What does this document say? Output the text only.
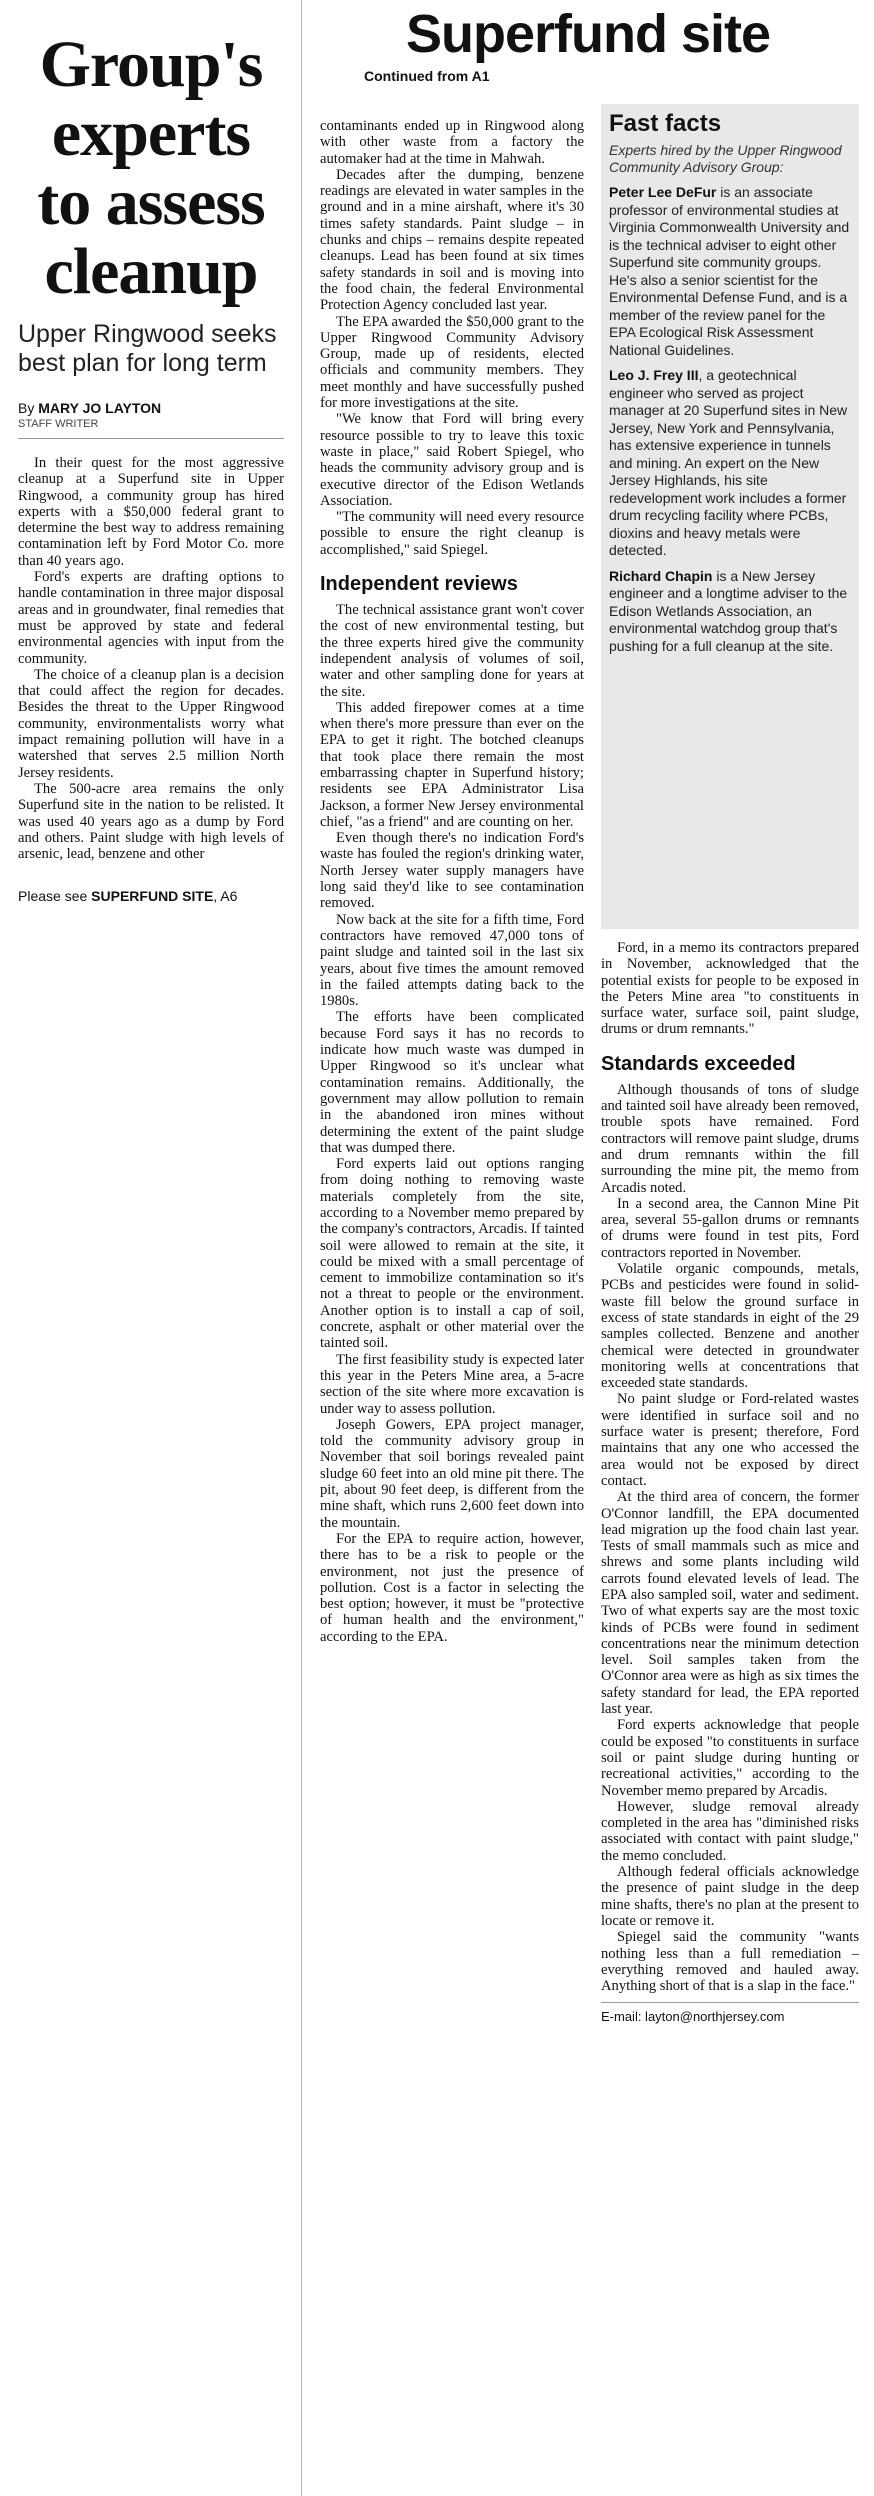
Group's experts to assess cleanup
Upper Ringwood seeks best plan for long term
By MARY JO LAYTON
STAFF WRITER

In their quest for the most aggressive cleanup at a Superfund site in Upper Ringwood, a community group has hired experts with a $50,000 federal grant to determine the best way to address remaining contamination left by Ford Motor Co. more than 40 years ago.

Ford's experts are drafting options to handle contamination in three major disposal areas and in groundwater, final remedies that must be approved by state and federal environmental agencies with input from the community.

The choice of a cleanup plan is a decision that could affect the region for decades. Besides the threat to the Upper Ringwood community, environmentalists worry what impact remaining pollution will have in a watershed that serves 2.5 million North Jersey residents.

The 500-acre area remains the only Superfund site in the nation to be relisted. It was used 40 years ago as a dump by Ford and others. Paint sludge with high levels of arsenic, lead, benzene and other

Please see SUPERFUND SITE, A6
Superfund site
Continued from A1

contaminants ended up in Ringwood along with other waste from a factory the automaker had at the time in Mahwah.

Decades after the dumping, benzene readings are elevated in water samples in the ground and in a mine airshaft, where it's 30 times safety standards. Paint sludge – in chunks and chips – remains despite repeated cleanups. Lead has been found at six times safety standards in soil and is moving into the food chain, the federal Environmental Protection Agency concluded last year.

The EPA awarded the $50,000 grant to the Upper Ringwood Community Advisory Group, made up of residents, elected officials and community members. They meet monthly and have successfully pushed for more investigations at the site.

"We know that Ford will bring every resource possible to try to leave this toxic waste in place," said Robert Spiegel, who heads the community advisory group and is executive director of the Edison Wetlands Association.

"The community will need every resource possible to ensure the right cleanup is accomplished," said Spiegel.

Independent reviews

The technical assistance grant won't cover the cost of new environmental testing, but the three experts hired give the community independent analysis of volumes of soil, water and other sampling done for years at the site.

This added firepower comes at a time when there's more pressure than ever on the EPA to get it right. The botched cleanups that took place there remain the most embarrassing chapter in Superfund history; residents see EPA Administrator Lisa Jackson, a former New Jersey environmental chief, "as a friend" and are counting on her.

Even though there's no indication Ford's waste has fouled the region's drinking water, North Jersey water supply managers have long said they'd like to see contamination removed.

Now back at the site for a fifth time, Ford contractors have removed 47,000 tons of paint sludge and tainted soil in the last six years, about five times the amount removed in the failed attempts dating back to the 1980s.

The efforts have been complicated because Ford says it has no records to indicate how much waste was dumped in Upper Ringwood so it's unclear what contamination remains. Additionally, the government may allow pollution to remain in the abandoned iron mines without determining the extent of the paint sludge that was dumped there.

Ford experts laid out options ranging from doing nothing to removing waste materials completely from the site, according to a November memo prepared by the company's contractors, Arcadis. If tainted soil were allowed to remain at the site, it could be mixed with a small percentage of cement to immobilize contamination so it's not a threat to people or the environment. Another option is to install a cap of soil, concrete, asphalt or other material over the tainted soil.

The first feasibility study is expected later this year in the Peters Mine area, a 5-acre section of the site where more excavation is under way to assess pollution.

Joseph Gowers, EPA project manager, told the community advisory group in November that soil borings revealed paint sludge 60 feet into an old mine pit there. The pit, about 90 feet deep, is different from the mine shaft, which runs 2,600 feet down into the mountain.

For the EPA to require action, however, there has to be a risk to people or the environment, not just the presence of pollution. Cost is a factor in selecting the best option; however, it must be "protective of human health and the environment," according to the EPA.

Fast facts
Experts hired by the Upper Ringwood Community Advisory Group:

Peter Lee DeFur is an associate professor of environmental studies at Virginia Commonwealth University and is the technical adviser to eight other Superfund site community groups. He's also a senior scientist for the Environmental Defense Fund, and is a member of the review panel for the EPA Ecological Risk Assessment National Guidelines.

Leo J. Frey III, a geotechnical engineer who served as project manager at 20 Superfund sites in New Jersey, New York and Pennsylvania, has extensive experience in tunnels and mining. An expert on the New Jersey Highlands, his site redevelopment work includes a former drum recycling facility where PCBs, dioxins and heavy metals were detected.

Richard Chapin is a New Jersey engineer and a longtime adviser to the Edison Wetlands Association, an environmental watchdog group that's pushing for a full cleanup at the site.

Ford, in a memo its contractors prepared in November, acknowledged that the potential exists for people to be exposed in the Peters Mine area "to constituents in surface water, surface soil, paint sludge, drums or drum remnants."

Standards exceeded

Although thousands of tons of sludge and tainted soil have already been removed, trouble spots have remained. Ford contractors will remove paint sludge, drums and drum remnants within the fill surrounding the mine pit, the memo from Arcadis noted.

In a second area, the Cannon Mine Pit area, several 55-gallon drums or remnants of drums were found in test pits, Ford contractors reported in November.

Volatile organic compounds, metals, PCBs and pesticides were found in solid-waste fill below the ground surface in excess of state standards in eight of the 29 samples collected. Benzene and another chemical were detected in groundwater monitoring wells at concentrations that exceeded state standards.

No paint sludge or Ford-related wastes were identified in surface soil and no surface water is present; therefore, Ford maintains that any one who accessed the area would not be exposed by direct contact.

At the third area of concern, the former O'Connor landfill, the EPA documented lead migration up the food chain last year. Tests of small mammals such as mice and shrews and some plants including wild carrots found elevated levels of lead. The EPA also sampled soil, water and sediment. Two of what experts say are the most toxic kinds of PCBs were found in sediment concentrations near the minimum detection level. Soil samples taken from the O'Connor area were as high as six times the safety standard for lead, the EPA reported last year.

Ford experts acknowledge that people could be exposed "to constituents in surface soil or paint sludge during hunting or recreational activities," according to the November memo prepared by Arcadis.

However, sludge removal already completed in the area has "diminished risks associated with contact with paint sludge," the memo concluded.

Although federal officials acknowledge the presence of paint sludge in the deep mine shafts, there's no plan at the present to locate or remove it.

Spiegel said the community "wants nothing less than a full remediation – everything removed and hauled away. Anything short of that is a slap in the face."

E-mail: layton@northjersey.com
